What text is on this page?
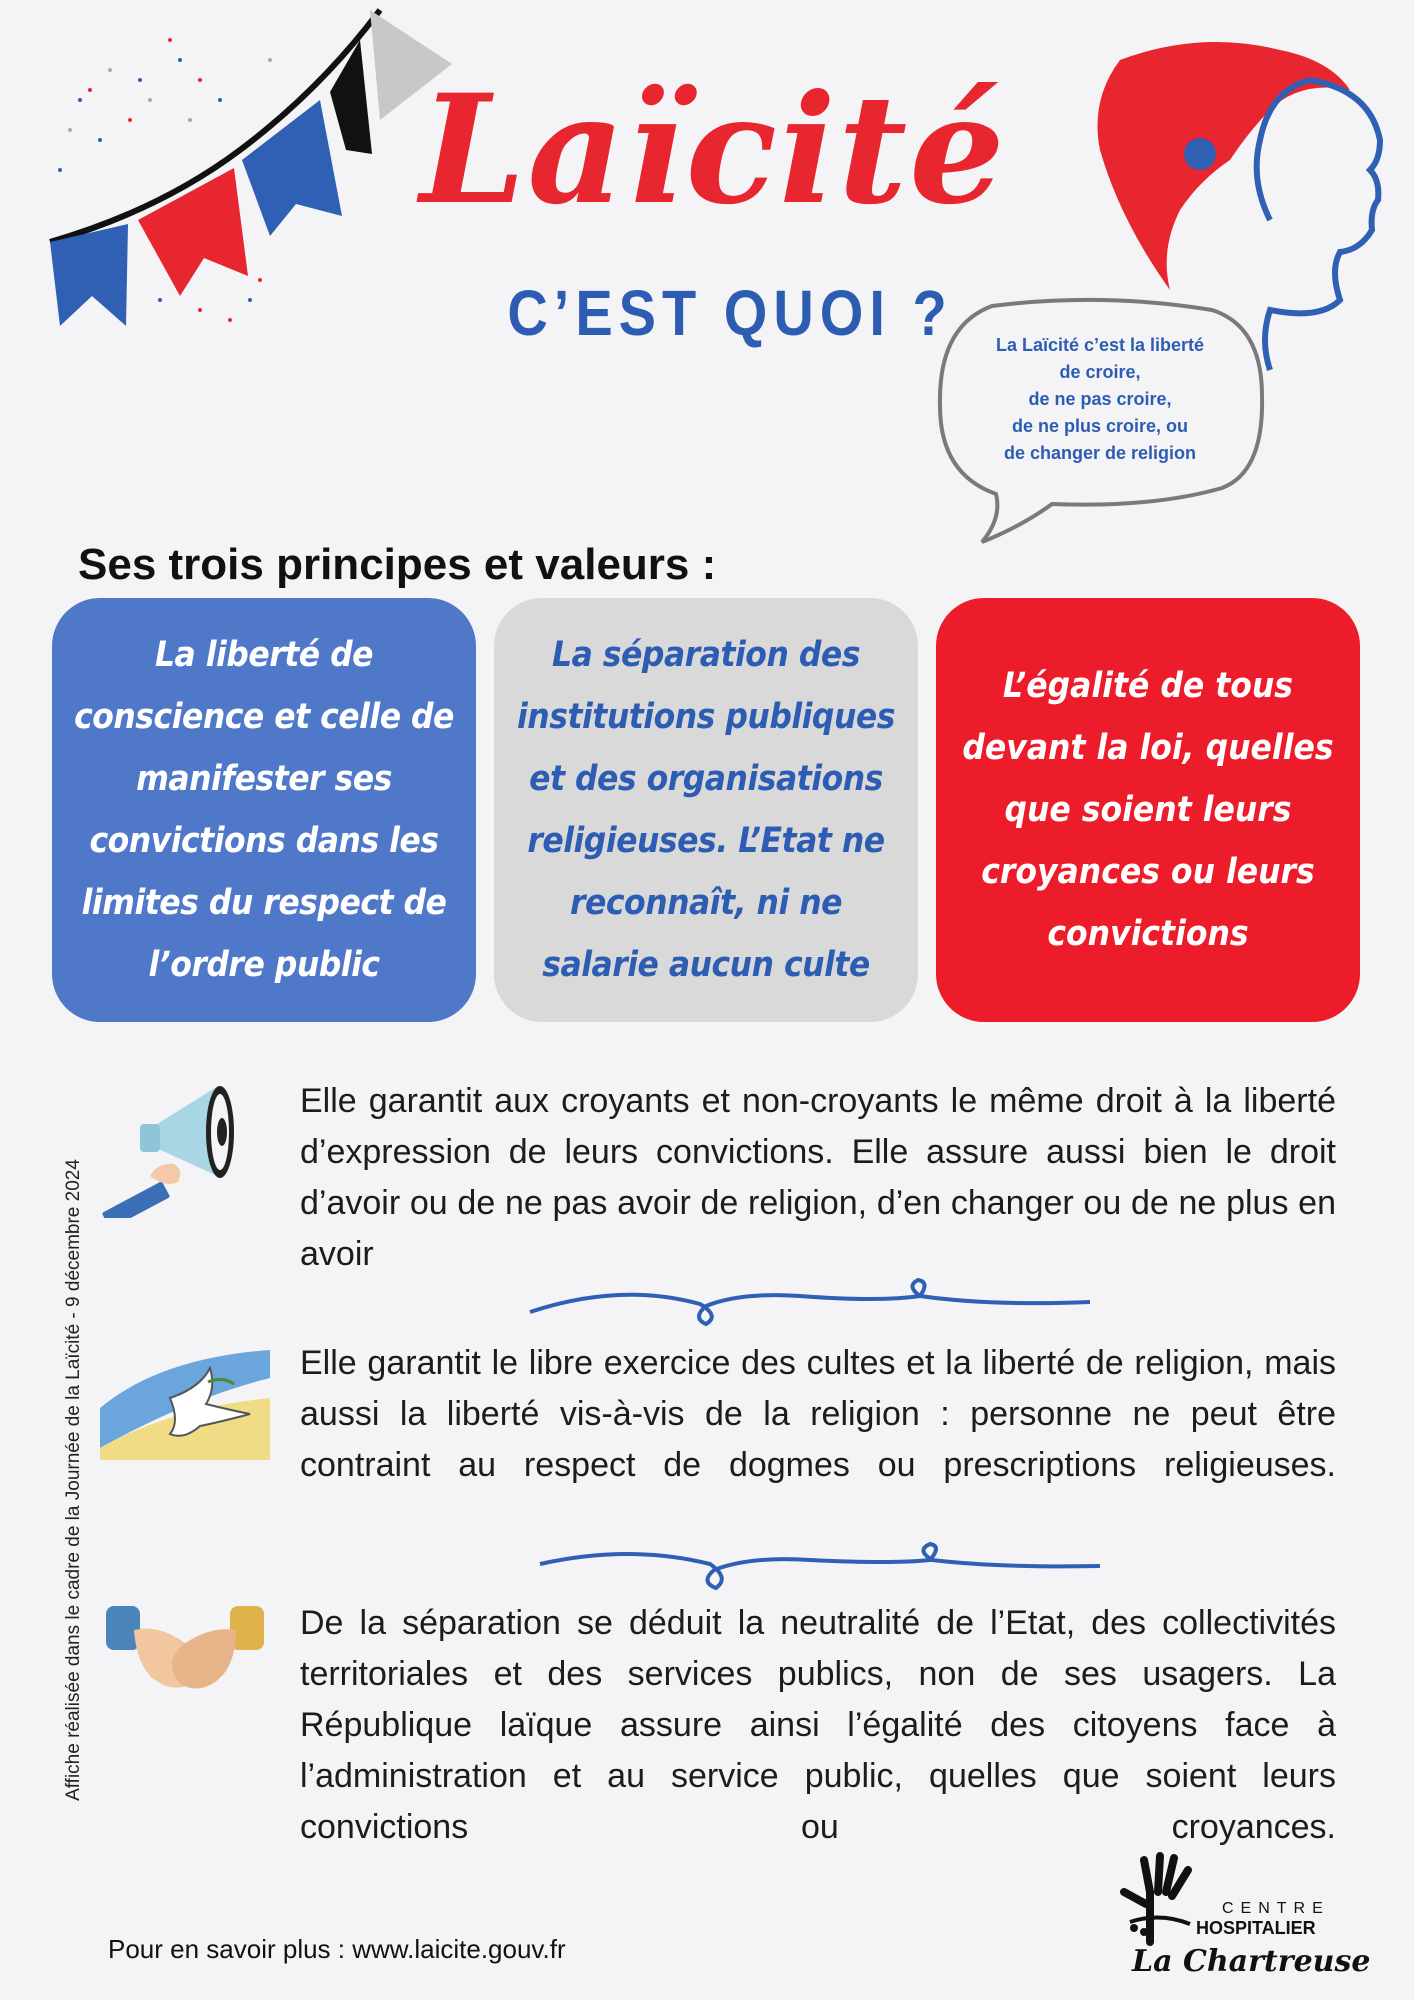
Laïcité
C’EST QUOI ?	La Laïcité c’est la liberté
de croire,
de ne pas croire,
de ne plus croire, ou
de changer de religion
Ses trois principes et valeurs :
La liberté de conscience et celle de manifester ses convictions dans les limites du respect de l’ordre public
La séparation des institutions publiques et des organisations religieuses. L’Etat ne reconnaît, ni ne salarie aucun culte
L’égalité de tous devant la loi, quelles que soient leurs croyances ou leurs convictions
Affiche réalisée dans le cadre de la Journée de la Laïcité - 9 décembre 2024
Elle garantit aux croyants et non-croyants le même droit à la liberté d’expression de leurs convictions. Elle assure aussi bien le droit d’avoir ou de ne pas avoir de religion, d’en changer ou de ne plus en avoir
Elle garantit le libre exercice des cultes et la liberté de religion, mais aussi la liberté vis-à-vis de la religion : personne ne peut être contraint au respect de dogmes ou prescriptions religieuses.
De la séparation se déduit la neutralité de l’Etat, des collectivités territoriales et des services publics, non de ses usagers. La République laïque assure ainsi l’égalité des citoyens face à l’administration et au service public, quelles que soient leurs convictions ou croyances.
Pour en savoir plus : www.laicite.gouv.fr
CENTRE
HOSPITALIER
La Chartreuse
